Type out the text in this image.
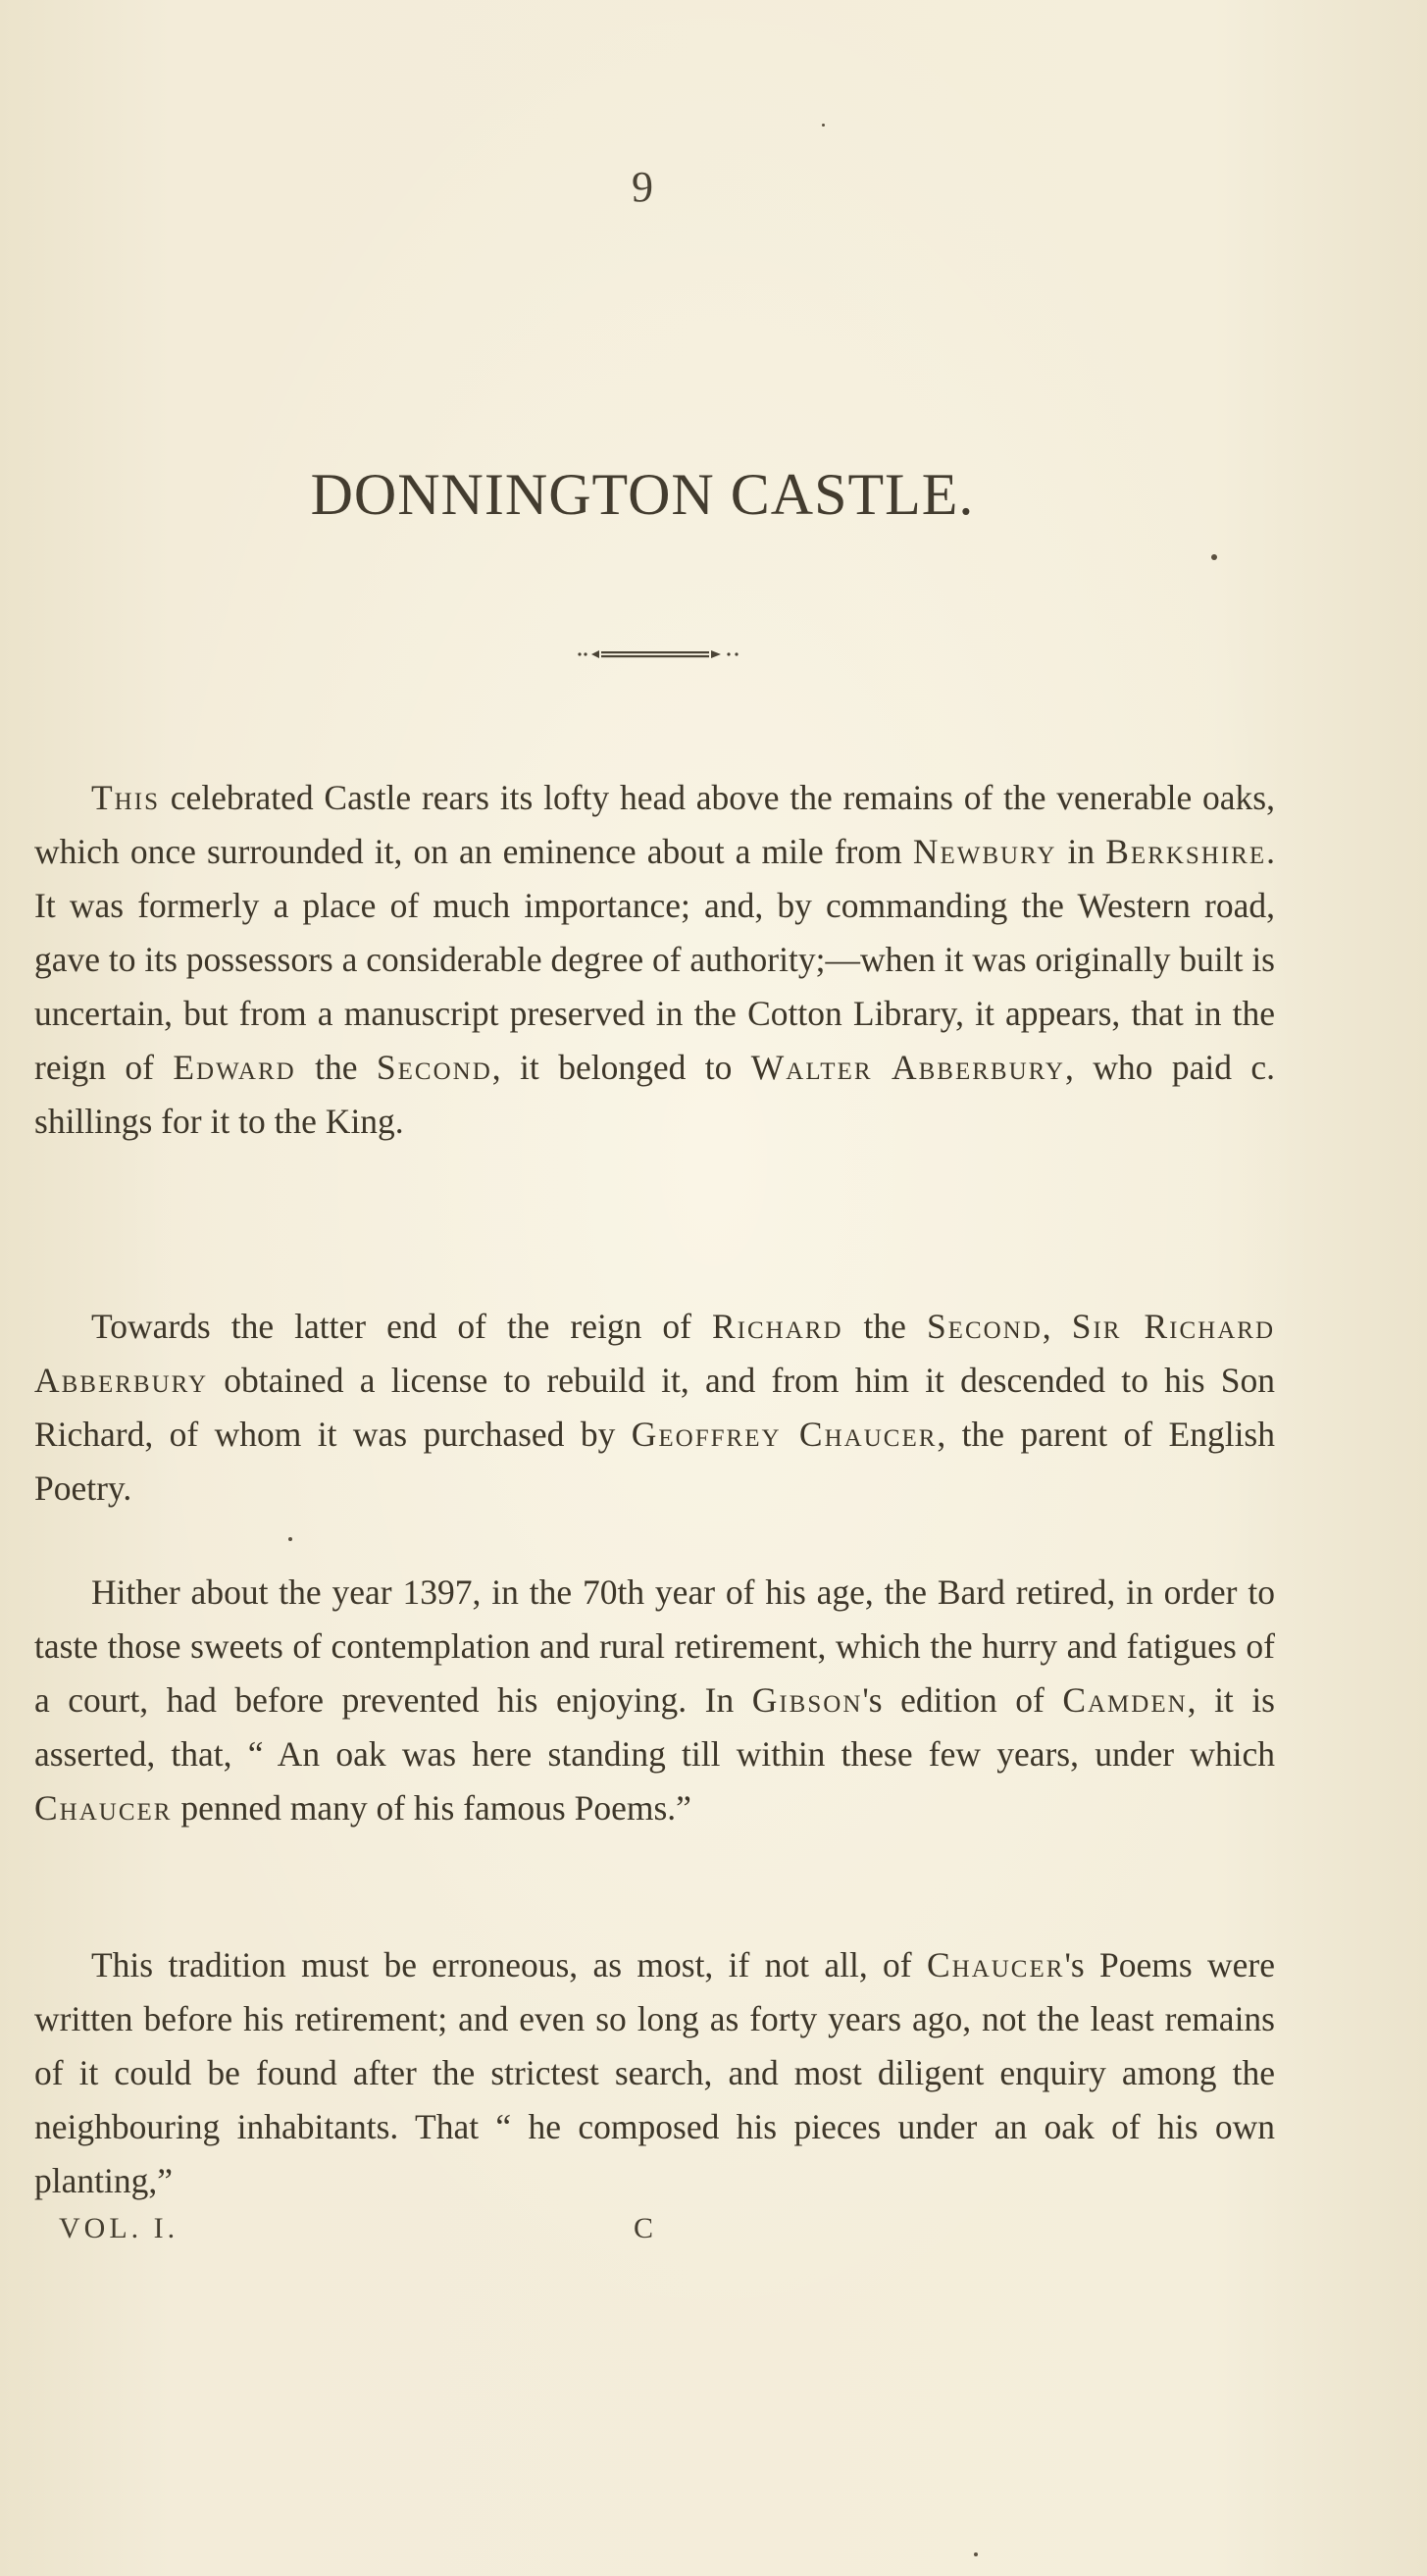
9
DONNINGTON CASTLE.

This celebrated Castle rears its lofty head above the remains of the venerable oaks, which once surrounded it, on an eminence about a mile from Newbury in Berkshire. It was formerly a place of much importance; and, by commanding the Western road, gave to its possessors a considerable degree of authority;—when it was originally built is uncertain, but from a manuscript preserved in the Cotton Library, it appears, that in the reign of Edward the Second, it belonged to Walter Abberbury, who paid c. shillings for it to the King.

Towards the latter end of the reign of Richard the Second, Sir Richard Abberbury obtained a license to rebuild it, and from him it descended to his Son Richard, of whom it was purchased by Geoffrey Chaucer, the parent of English Poetry.

Hither about the year 1397, in the 70th year of his age, the Bard retired, in order to taste those sweets of contemplation and rural retirement, which the hurry and fatigues of a court, had before prevented his enjoying. In Gibson's edition of Camden, it is asserted, that, “ An oak was here standing till within these few years, under which Chaucer penned many of his famous Poems.”

This tradition must be erroneous, as most, if not all, of Chaucer's Poems were written before his retirement; and even so long as forty years ago, not the least remains of it could be found after the strictest search, and most diligent enquiry among the neighbouring inhabitants. That “ he composed his pieces under an oak of his own planting,”

VOL. I.	C
